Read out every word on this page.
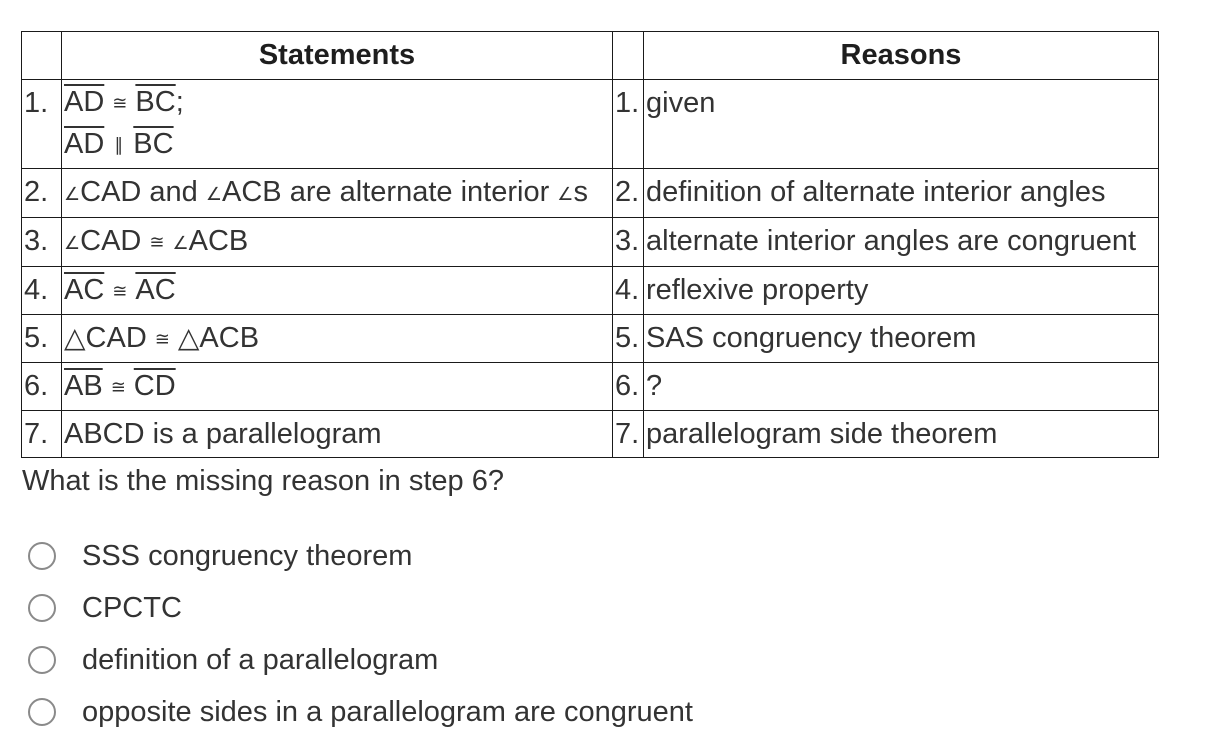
	Statements		Reasons
1.	$\overline{AD}$ ≅ $\overline{BC}$;
$\overline{AD}$ ∥ $\overline{BC}$	1.	given
2.	∠CAD and ∠ACB are alternate interior ∠s	2.	definition of alternate interior angles
3.	∠CAD ≅ ∠ACB	3.	alternate interior angles are congruent
4.	$\overline{AC}$ ≅ $\overline{AC}$	4.	reflexive property
5.	△CAD ≅ △ACB	5.	SAS congruency theorem
6.	$\overline{AB}$ ≅ $\overline{CD}$	6.	?
7.	ABCD is a parallelogram	7.	parallelogram side theorem

What is the missing reason in step 6?

SSS congruency theorem
CPCTC
definition of a parallelogram
opposite sides in a parallelogram are congruent
